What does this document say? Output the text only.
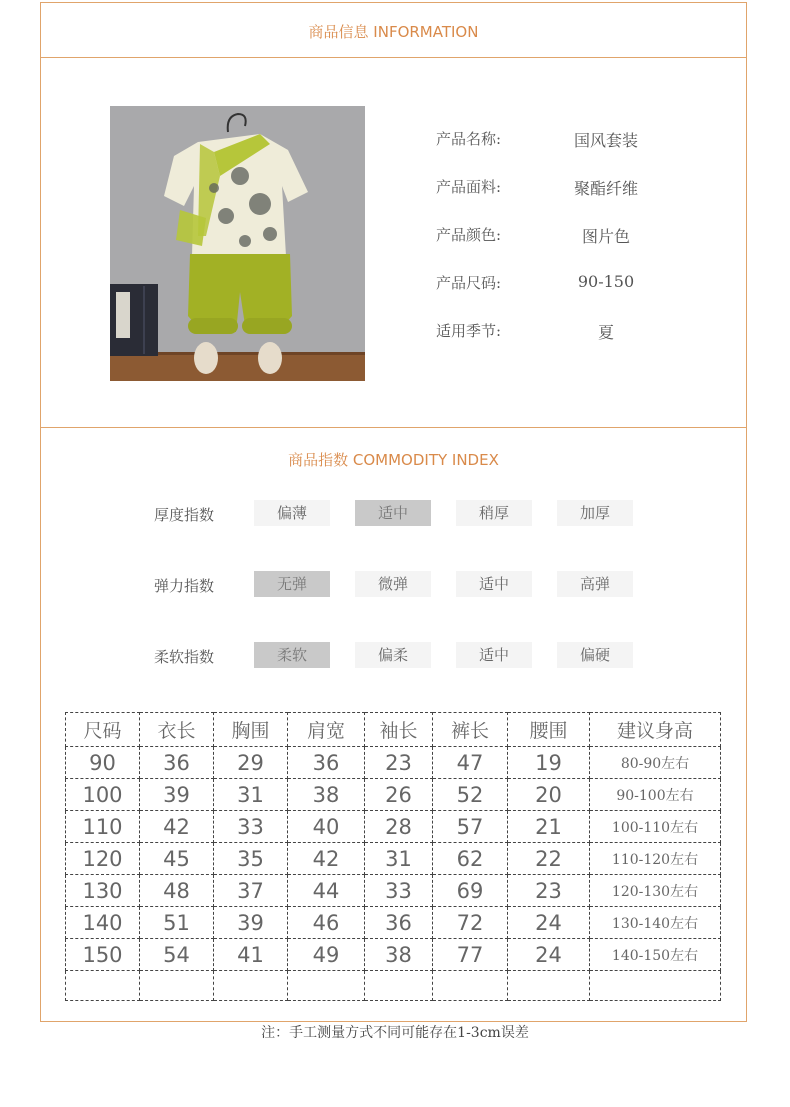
商品信息 INFORMATION
产品名称:	国风套装
产品面料:	聚酯纤维
产品颜色:	图片色
产品尺码:	90-150
适用季节:	夏
商品指数 COMMODITY INDEX
厚度指数	偏薄	适中	稍厚	加厚
弹力指数	无弹	微弹	适中	高弹
柔软指数	柔软	偏柔	适中	偏硬
尺码	衣长	胸围	肩宽	袖长	裤长	腰围	建议身高
90	36	29	36	23	47	19	80-90左右
100	39	31	38	26	52	20	90-100左右
110	42	33	40	28	57	21	100-110左右
120	45	35	42	31	62	22	110-120左右
130	48	37	44	33	69	23	120-130左右
140	51	39	46	36	72	24	130-140左右
150	54	41	49	38	77	24	140-150左右

注：手工测量方式不同可能存在1-3cm误差
